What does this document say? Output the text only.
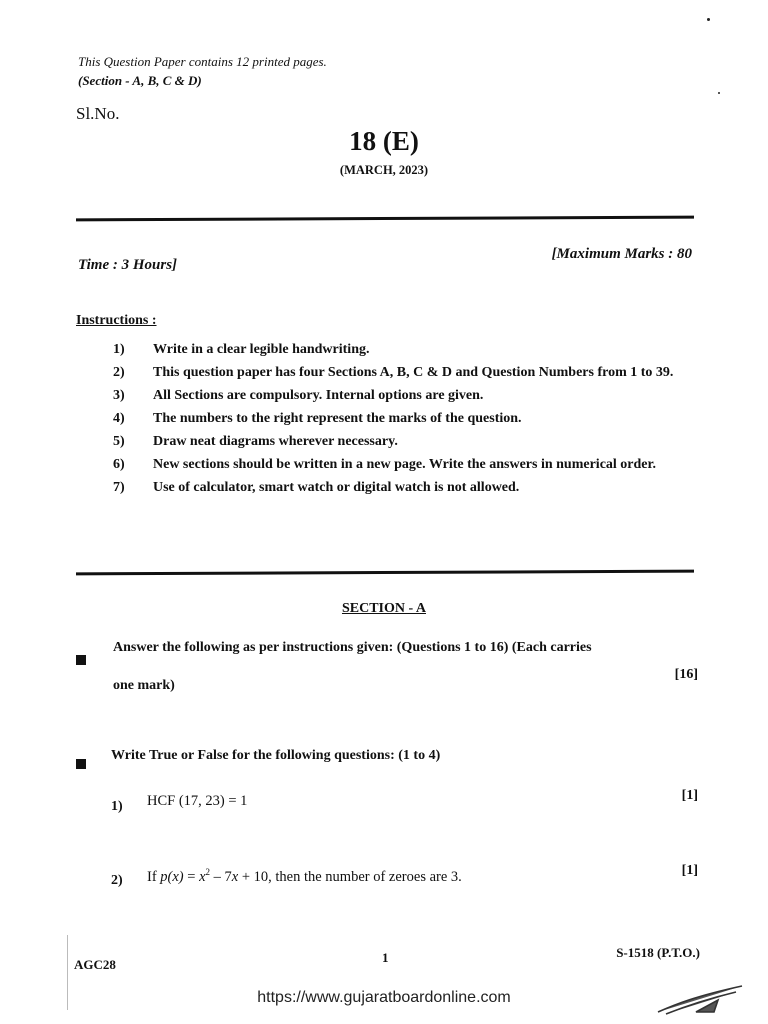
This Question Paper contains 12 printed pages.
(Section - A, B, C & D)
Sl.No.
18 (E)
(MARCH, 2023)
Time : 3 Hours]
[Maximum Marks : 80
Instructions :
1)	Write in a clear legible handwriting.
2)	This question paper has four Sections A, B, C & D and Question Numbers from 1 to 39.
3)	All Sections are compulsory. Internal options are given.
4)	The numbers to the right represent the marks of the question.
5)	Draw neat diagrams wherever necessary.
6)	New sections should be written in a new page. Write the answers in numerical order.
7)	Use of calculator, smart watch or digital watch is not allowed.
SECTION - A
Answer the following as per instructions given: (Questions 1 to 16) (Each carries
[16]
one mark)
Write True or False for the following questions: (1 to 4)
1) HCF (17, 23) = 1	[1]
2) If $p(x) = x^2 - 7x + 10$, then the number of zeroes are 3.	[1]
AGC28	1	S-1518 (P.T.O.)
https://www.gujaratboardonline.com
